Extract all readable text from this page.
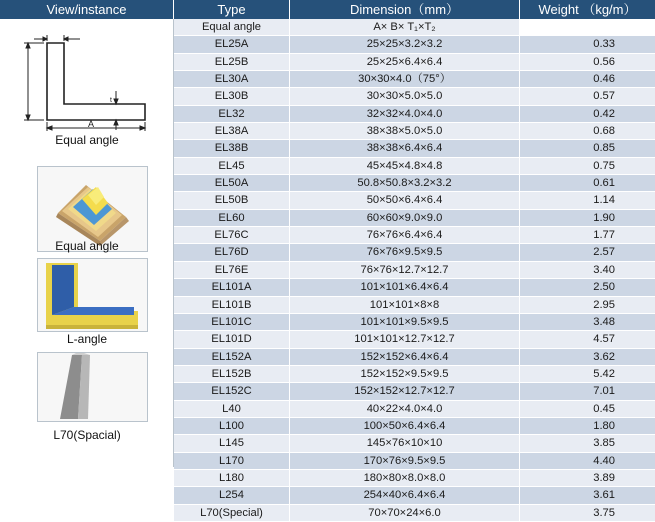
View/instance	Type	Dimension（mm）	Weight （kg/m）
t
A
Equal angle
Equal angle
L-angle
L70(Spacial)
Equal angle	A× B× T₁×T₂
EL25A	25×25×3.2×3.2	0.33
EL25B	25×25×6.4×6.4	0.56
EL30A	30×30×4.0（75°）	0.46
EL30B	30×30×5.0×5.0	0.57
EL32	32×32×4.0×4.0	0.42
EL38A	38×38×5.0×5.0	0.68
EL38B	38×38×6.4×6.4	0.85
EL45	45×45×4.8×4.8	0.75
EL50A	50.8×50.8×3.2×3.2	0.61
EL50B	50×50×6.4×6.4	1.14
EL60	60×60×9.0×9.0	1.90
EL76C	76×76×6.4×6.4	1.77
EL76D	76×76×9.5×9.5	2.57
EL76E	76×76×12.7×12.7	3.40
EL101A	101×101×6.4×6.4	2.50
EL101B	101×101×8×8	2.95
EL101C	101×101×9.5×9.5	3.48
EL101D	101×101×12.7×12.7	4.57
EL152A	152×152×6.4×6.4	3.62
EL152B	152×152×9.5×9.5	5.42
EL152C	152×152×12.7×12.7	7.01
L40	40×22×4.0×4.0	0.45
L100	100×50×6.4×6.4	1.80
L145	145×76×10×10	3.85
L170	170×76×9.5×9.5	4.40
L180	180×80×8.0×8.0	3.89
L254	254×40×6.4×6.4	3.61
L70(Special)	70×70×24×6.0	3.75
